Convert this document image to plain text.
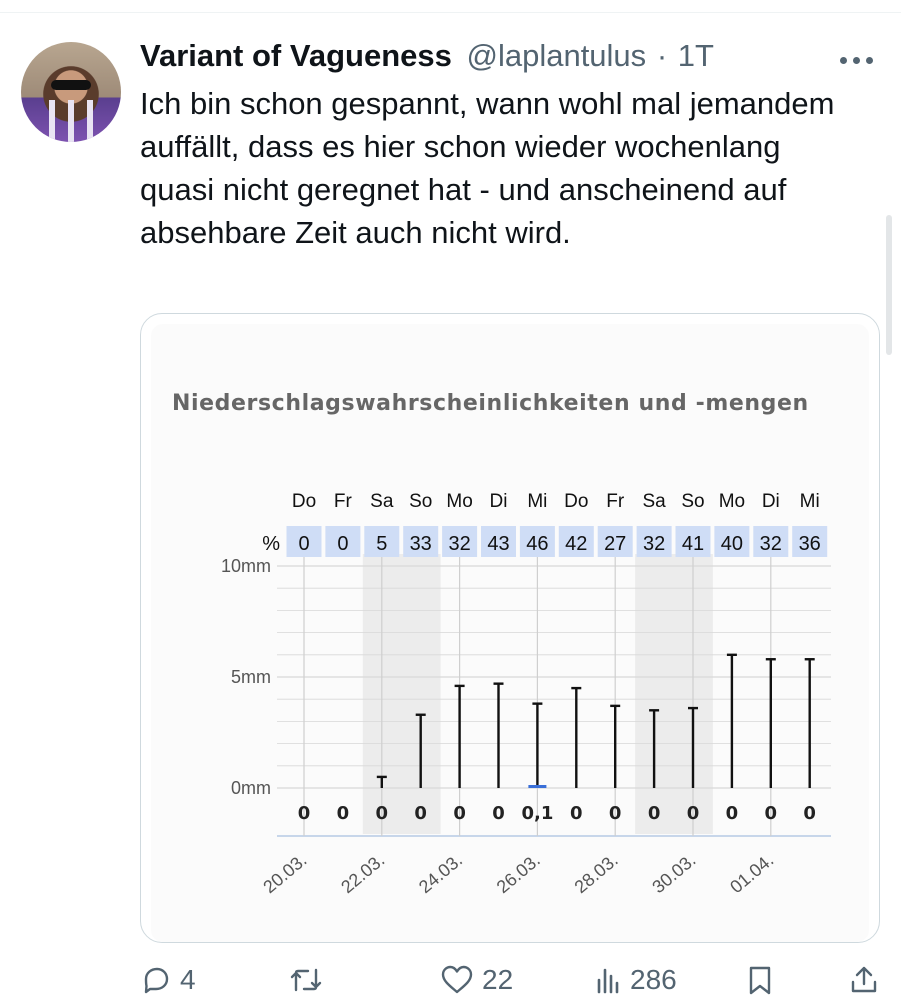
Variant of Vagueness @laplantulus · 1T

Ich bin schon gespannt, wann wohl mal jemandem auffällt, dass es hier schon wieder wochenlang quasi nicht geregnet hat - und anscheinend auf absehbare Zeit auch nicht wird.

Niederschlagswahrscheinlichkeiten und -mengen

10mm
5mm
0mm
%
Do
0
0
Fr
0
0
Sa
5
0
So
33
0
Mo
32
0
Di
43
0
Mi
46
0,1
Do
42
0
Fr
27
0
Sa
32
0
So
41
0
Mo
40
0
Di
32
0
Mi
36
0
20.03. 22.03. 24.03. 26.03. 28.03. 30.03. 01.04.
4	22	286
